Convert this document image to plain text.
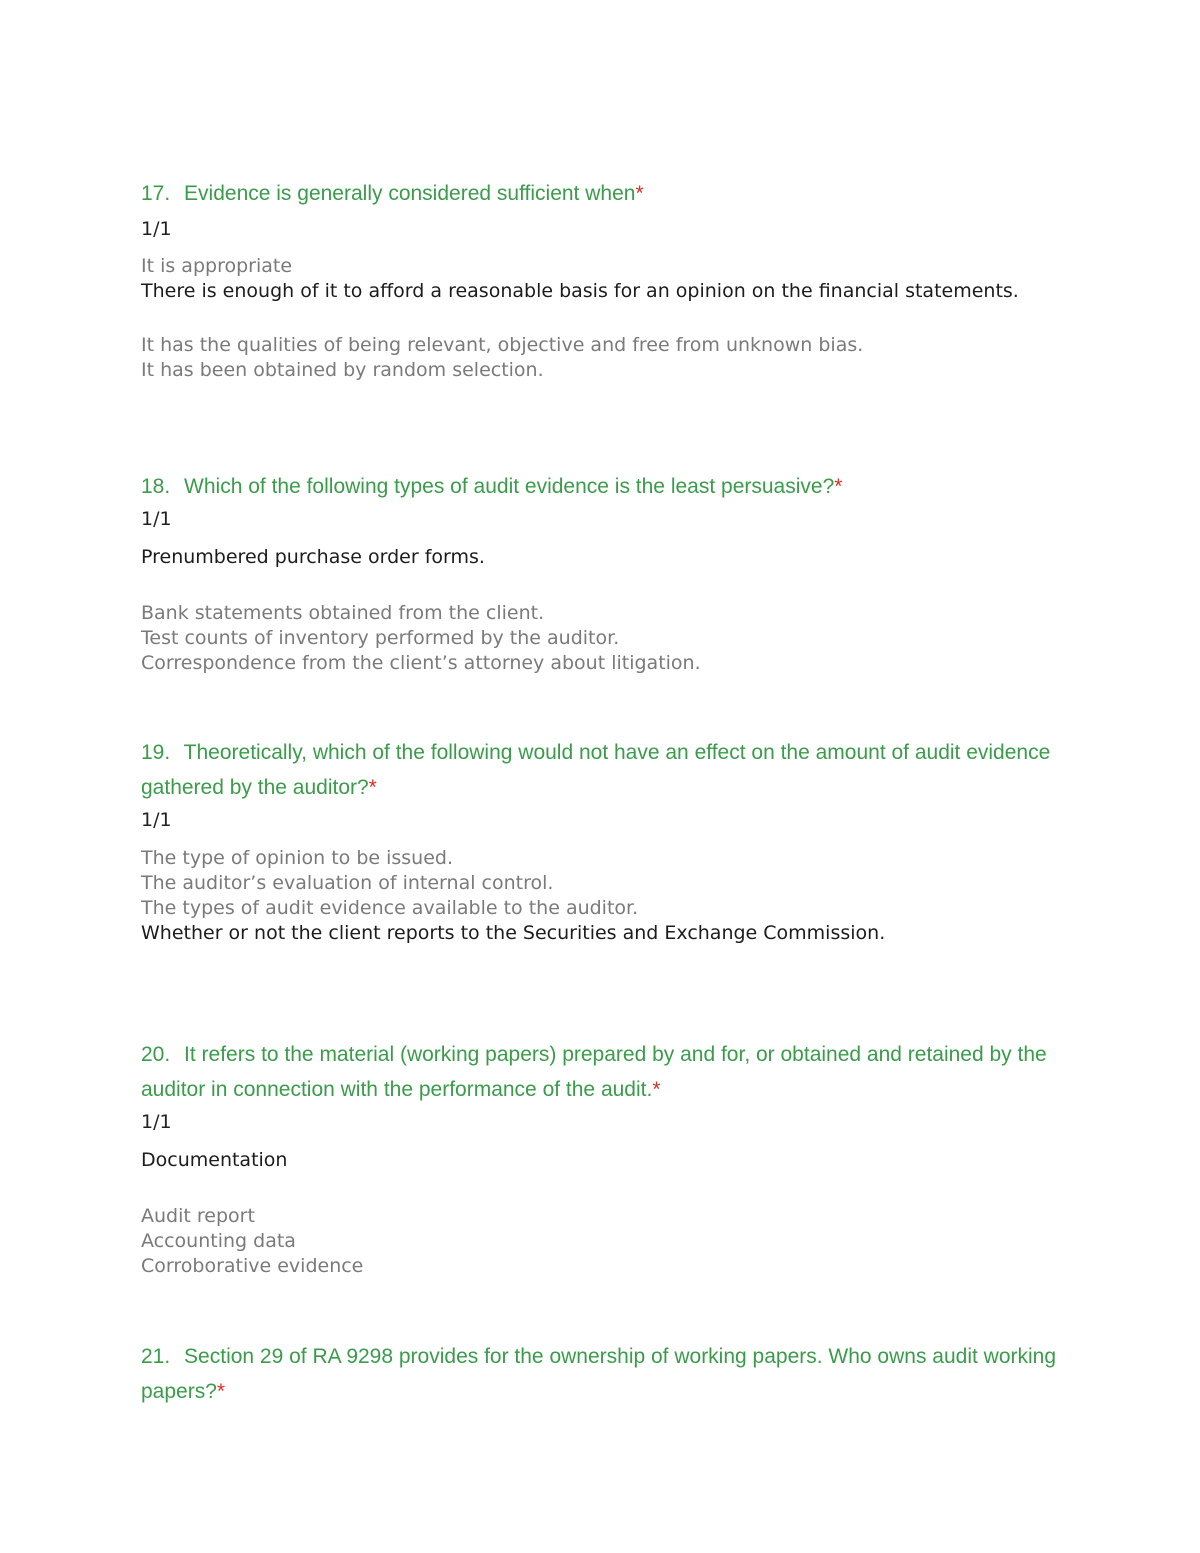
17. Evidence is generally considered sufficient when*

1/1

It is appropriate

There is enough of it to afford a reasonable basis for an opinion on the financial statements.

It has the qualities of being relevant, objective and free from unknown bias.

It has been obtained by random selection.

18. Which of the following types of audit evidence is the least persuasive?*

1/1

Prenumbered purchase order forms.

Bank statements obtained from the client.

Test counts of inventory performed by the auditor.

Correspondence from the client’s attorney about litigation.

19. Theoretically, which of the following would not have an effect on the amount of audit evidence gathered by the auditor?*

1/1

The type of opinion to be issued.

The auditor’s evaluation of internal control.

The types of audit evidence available to the auditor.

Whether or not the client reports to the Securities and Exchange Commission.

20. It refers to the material (working papers) prepared by and for, or obtained and retained by the auditor in connection with the performance of the audit.*

1/1

Documentation

Audit report

Accounting data

Corroborative evidence

21. Section 29 of RA 9298 provides for the ownership of working papers. Who owns audit working papers?*
